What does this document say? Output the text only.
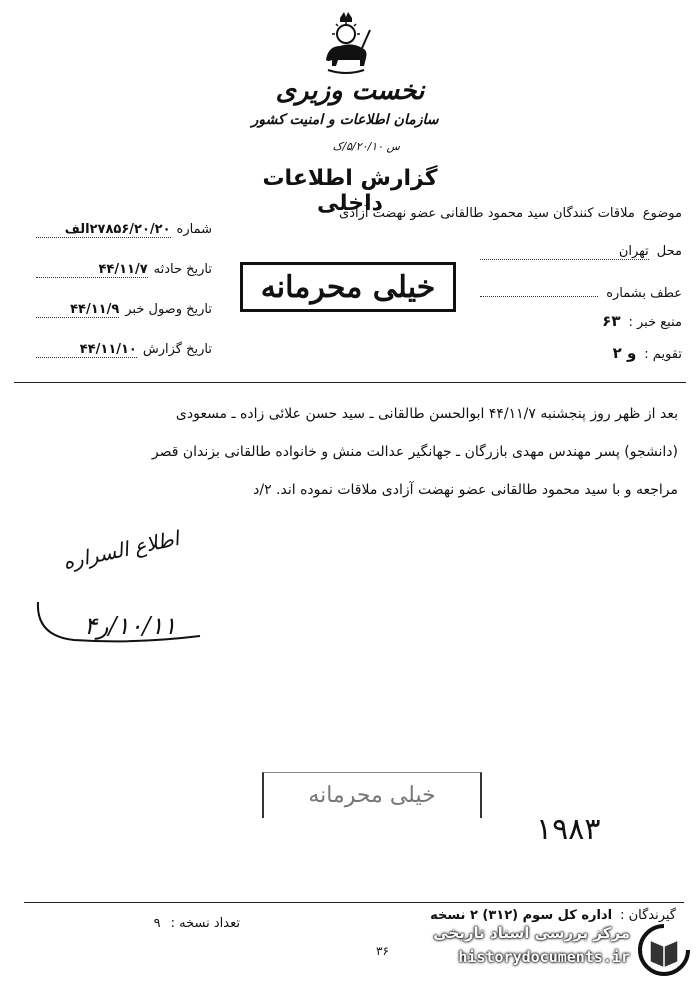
نخست وزیری
سازمان اطلاعات و امنیت کشور
س ۵/۲۰/۱۰/ک
گزارش اطلاعات داخلی
شماره
۲۷۸۵۶/۲۰/۲۰الف
تاریخ حادثه
۴۴/۱۱/۷
تاریخ وصول خبر
۴۴/۱۱/۹
تاریخ گزارش
۴۴/۱۱/۱۰
موضوع
ملاقات کنندگان سید محمود طالقانی عضو نهضت آزادی
محل
تهران
عطف بشماره
منبع خبر :
۶۳
تقویم :
و ۲
خیلی محرمانه
بعد از ظهر روز پنجشنبه ۴۴/۱۱/۷ ابوالحسن طالقانی ـ سید حسن علائی زاده ـ مسعودی
(دانشجو) پسر مهندس مهدی بازرگان ـ جهانگیر عدالت منش و خانواده طالقانی بزندان قصر
مراجعه و با سید محمود طالقانی عضو نهضت آزادی ملاقات نموده اند. ۲/د
اطلاع السراره
۱۰/۱۱/ر۴
خیلی محرمانه
۱۹۸۳
گیرندگان :
اداره کل سوم (۳۱۲) ۲ نسخه
تعداد نسخه :
۹
۳۶
مرکز بررسی اسناد تاریخی
historydocuments.ir
